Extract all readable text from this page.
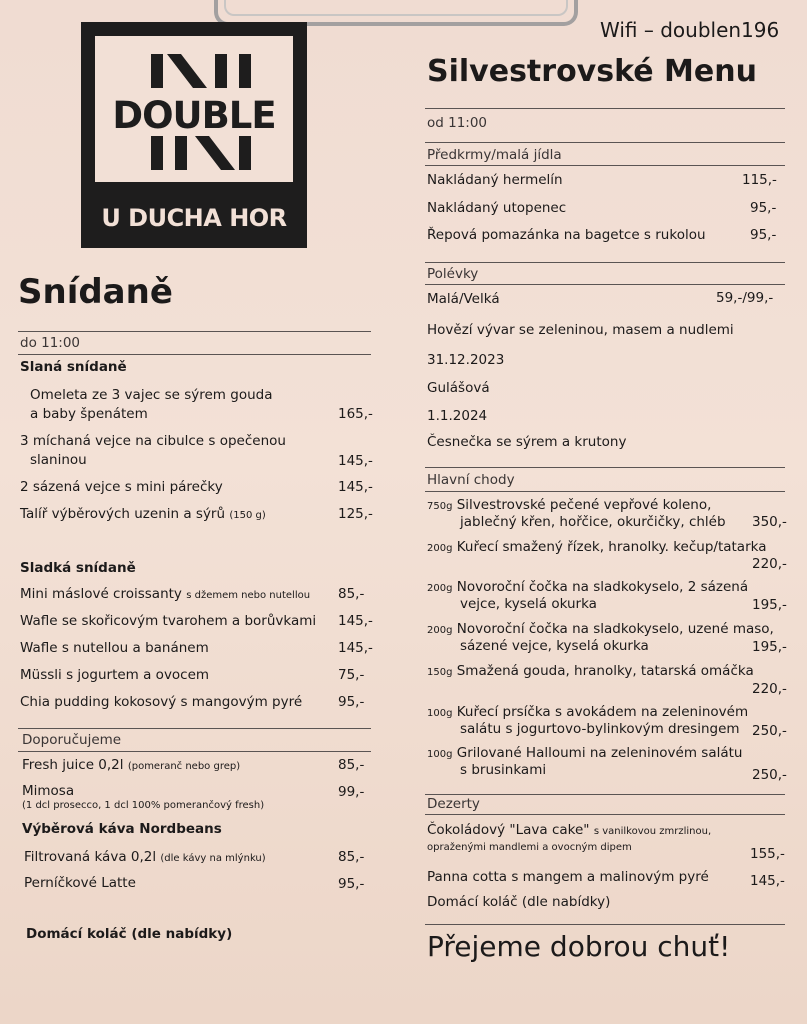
DOUBLE
U DUCHA HOR
Snídaně
do 11:00
Slaná snídaně
Omeleta ze 3 vajec se sýrem gouda
a baby špenátem	165,-
3 míchaná vejce na cibulce s opečenou
slaninou	145,-
2 sázená vejce s mini párečky	145,-
Talíř výběrových uzenin a sýrů (150 g)	125,-
Sladká snídaně
Mini máslové croissanty s džemem nebo nutellou 85,-
Wafle se skořicovým tvarohem a borůvkami 145,-
Wafle s nutellou a banánem	145,-
Müssli s jogurtem a ovocem	75,-
Chia pudding kokosový s mangovým pyré	95,-
Doporučujeme
Fresh juice 0,2l (pomeranč nebo grep)	85,-
Mimosa
(1 dcl prosecco, 1 dcl 100% pomerančový fresh)
99,-
Výběrová káva Nordbeans
Filtrovaná káva 0,2l (dle kávy na mlýnku)	85,-
Perníčkové Latte	95,-
Domácí koláč (dle nabídky)
Wifi – doublen196
Silvestrovské Menu
od 11:00
Předkrmy/malá jídla
Nakládaný hermelín	115,-
Nakládaný utopenec	95,-
Řepová pomazánka na bagetce s rukolou	95,-
Polévky
Malá/Velká	59,-/99,-
Hovězí vývar se zeleninou, masem a nudlemi
31.12.2023
Gulášová
1.1.2024
Česnečka se sýrem a krutony
Hlavní chody
750g Silvestrovské pečené vepřové koleno,
jablečný křen, hořčice, okurčičky, chléb 350,-
200g Kuřecí smažený řízek, hranolky. kečup/tatarka
220,-
200g Novoroční čočka na sladkokyselo, 2 sázená
vejce, kyselá okurka	195,-
200g Novoroční čočka na sladkokyselo, uzené maso,
sázené vejce, kyselá okurka	195,-
150g Smažená gouda, hranolky, tatarská omáčka
220,-
100g Kuřecí prsíčka s avokádem na zeleninovém
salátu s jogurtovo-bylinkovým dresingem 250,-
100g Grilované Halloumi na zeleninovém salátu
s brusinkami	250,-
Dezerty
Čokoládový "Lava cake" s vanilkovou zmrzlinou,
opraženými mandlemi a ovocným dipem	155,-
Panna cotta s mangem a malinovým pyré	145,-
Domácí koláč (dle nabídky)
Přejeme dobrou chuť!
